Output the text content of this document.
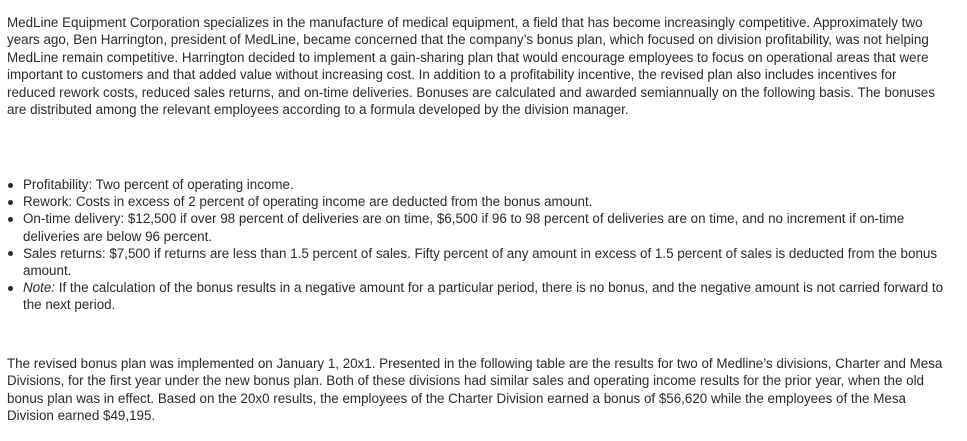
MedLine Equipment Corporation specializes in the manufacture of medical equipment, a field that has become increasingly competitive. Approximately two years ago, Ben Harrington, president of MedLine, became concerned that the company’s bonus plan, which focused on division profitability, was not helping MedLine remain competitive. Harrington decided to implement a gain-sharing plan that would encourage employees to focus on operational areas that were important to customers and that added value without increasing cost. In addition to a profitability incentive, the revised plan also includes incentives for reduced rework costs, reduced sales returns, and on-time deliveries. Bonuses are calculated and awarded semiannually on the following basis. The bonuses are distributed among the relevant employees according to a formula developed by the division manager.

Profitability: Two percent of operating income.
Rework: Costs in excess of 2 percent of operating income are deducted from the bonus amount.
On-time delivery: $12,500 if over 98 percent of deliveries are on time, $6,500 if 96 to 98 percent of deliveries are on time, and no increment if on-time deliveries are below 96 percent.
Sales returns: $7,500 if returns are less than 1.5 percent of sales. Fifty percent of any amount in excess of 1.5 percent of sales is deducted from the bonus amount.
Note: If the calculation of the bonus results in a negative amount for a particular period, there is no bonus, and the negative amount is not carried forward to the next period.

The revised bonus plan was implemented on January 1, 20x1. Presented in the following table are the results for two of Medline’s divisions, Charter and Mesa Divisions, for the first year under the new bonus plan. Both of these divisions had similar sales and operating income results for the prior year, when the old bonus plan was in effect. Based on the 20x0 results, the employees of the Charter Division earned a bonus of $56,620 while the employees of the Mesa Division earned $49,195.
